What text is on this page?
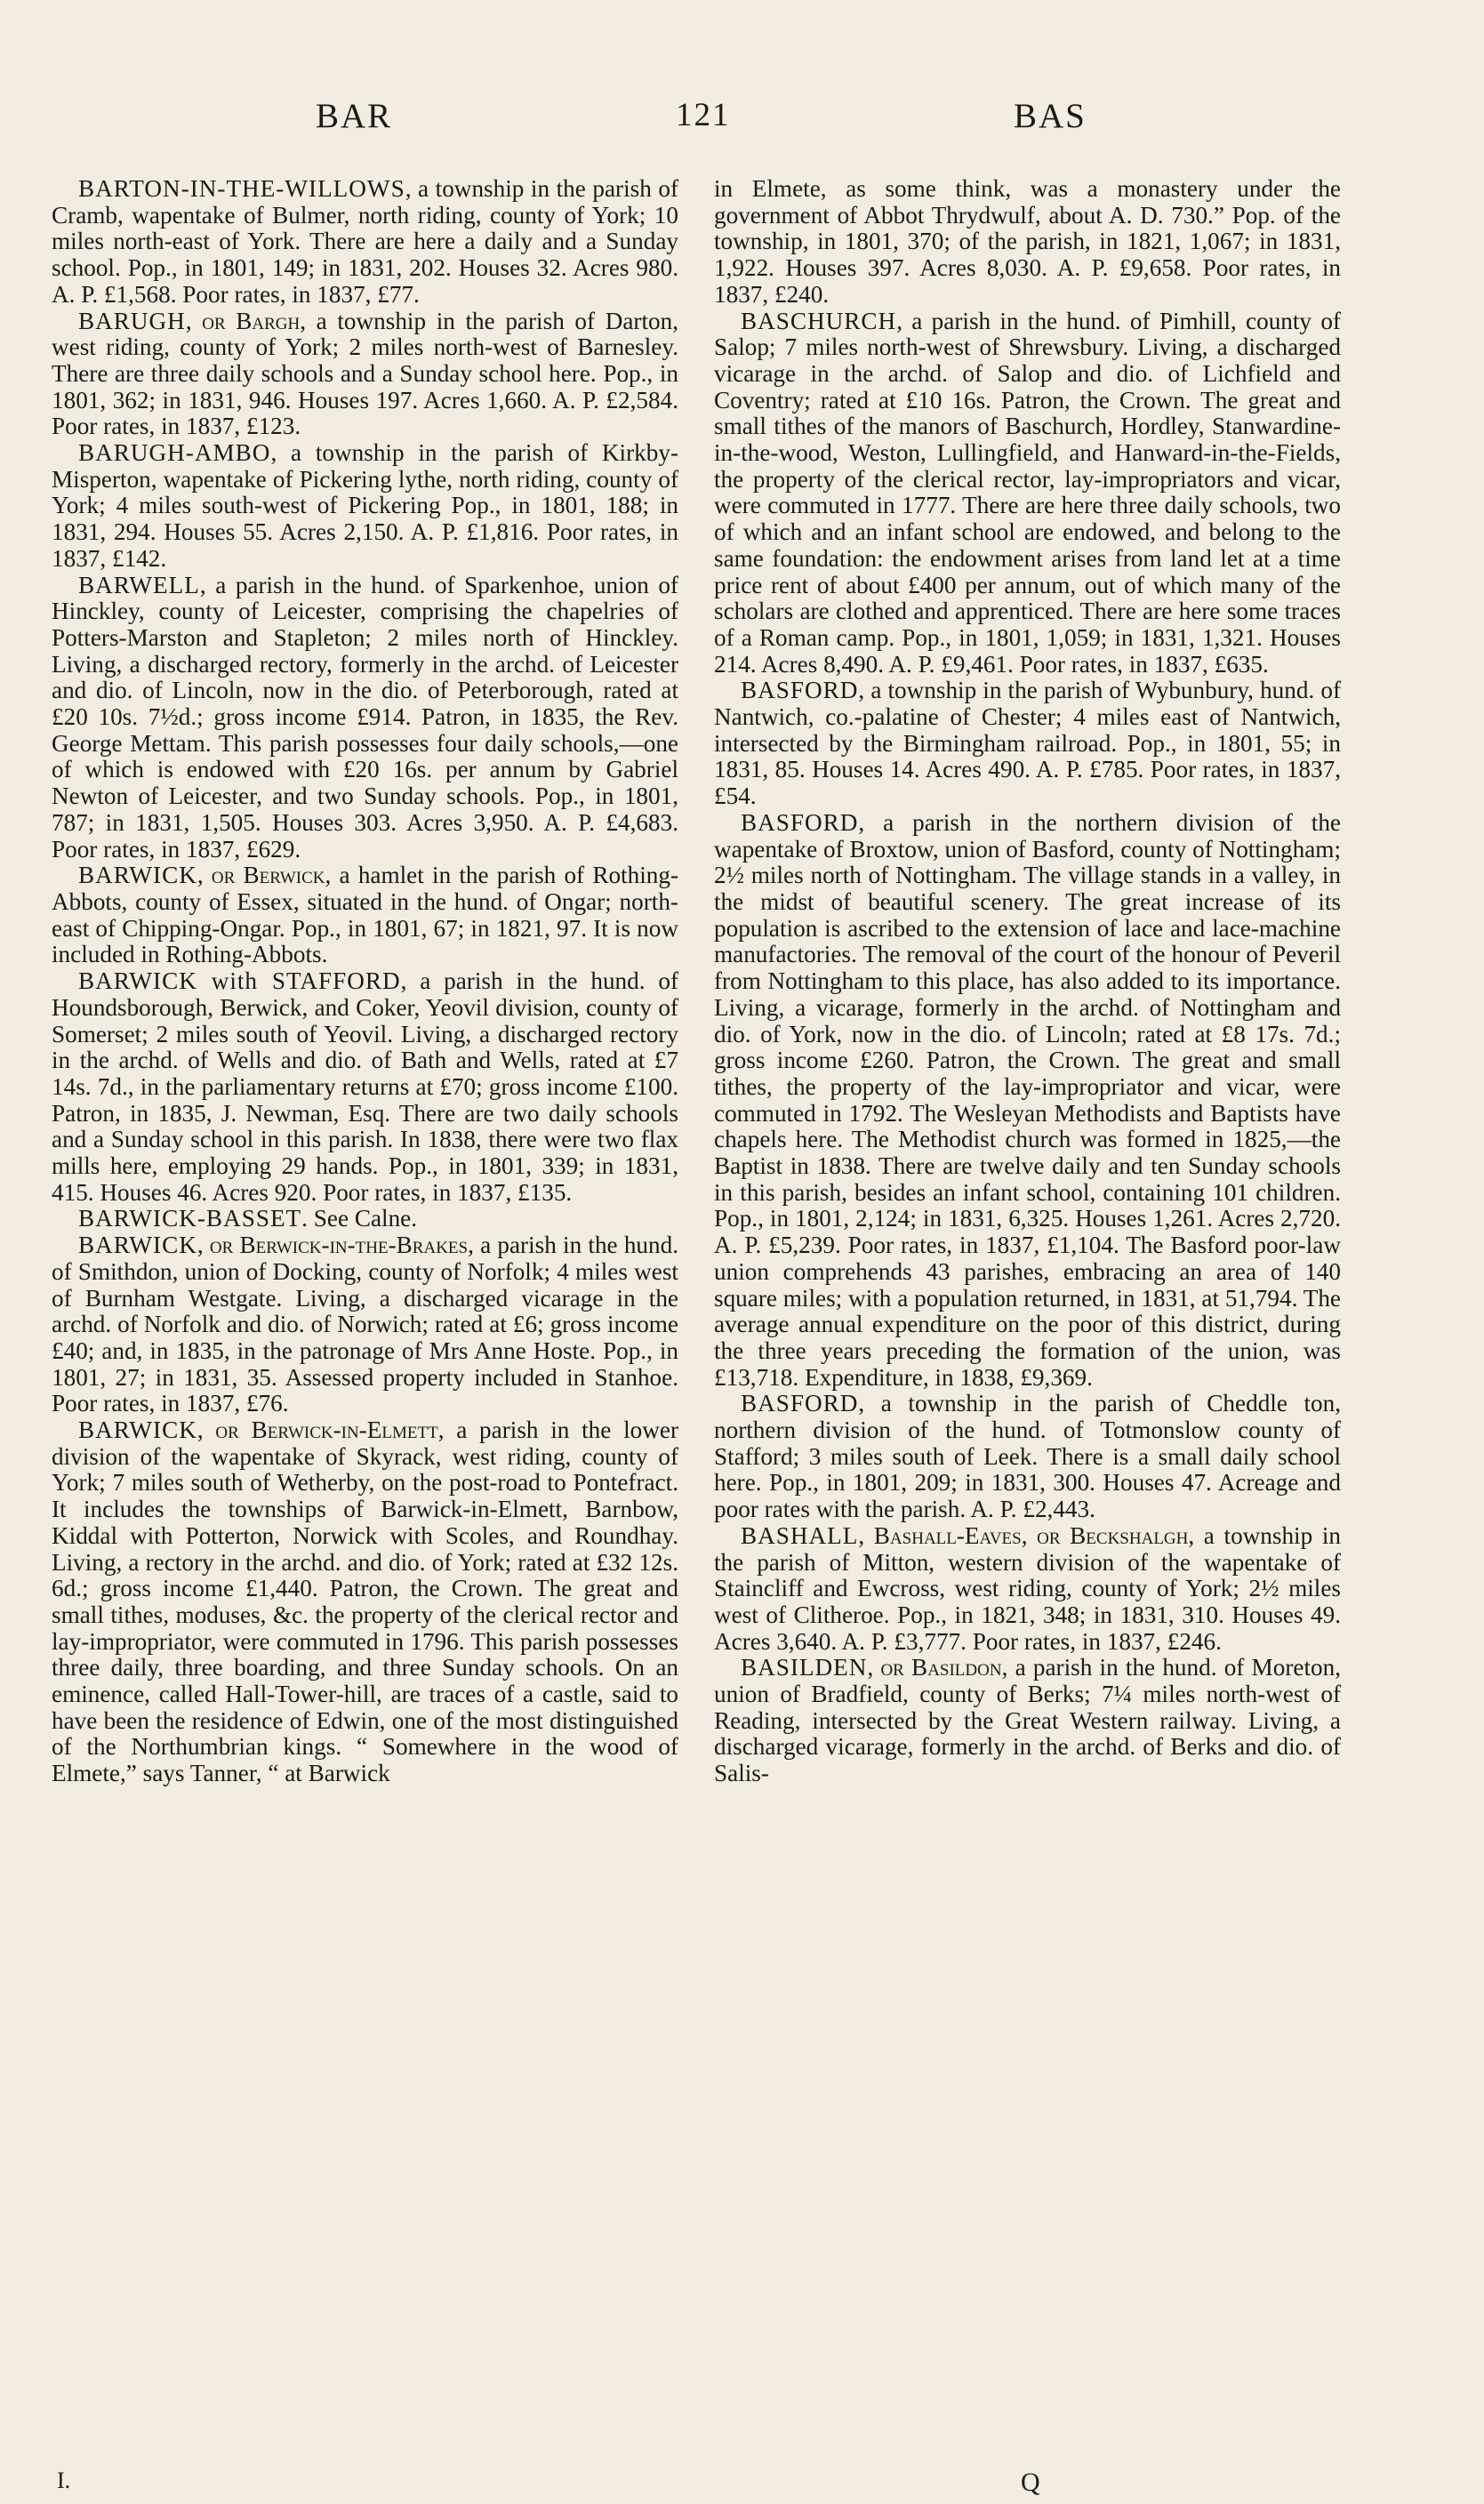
BAR	121	BAS

BARTON-IN-THE-WILLOWS, a township in the parish of Cramb, wapentake of Bulmer, north riding, county of York; 10 miles north-east of York. There are here a daily and a Sunday school. Pop., in 1801, 149; in 1831, 202. Houses 32. Acres 980. A. P. £1,568. Poor rates, in 1837, £77.

BARUGH, or Bargh, a township in the parish of Darton, west riding, county of York; 2 miles north-west of Barnesley. There are three daily schools and a Sunday school here. Pop., in 1801, 362; in 1831, 946. Houses 197. Acres 1,660. A. P. £2,584. Poor rates, in 1837, £123.

BARUGH-AMBO, a township in the parish of Kirkby-Misperton, wapentake of Pickering lythe, north riding, county of York; 4 miles south-west of Pickering Pop., in 1801, 188; in 1831, 294. Houses 55. Acres 2,150. A. P. £1,816. Poor rates, in 1837, £142.

BARWELL, a parish in the hund. of Sparkenhoe, union of Hinckley, county of Leicester, comprising the chapelries of Potters-Marston and Stapleton; 2 miles north of Hinckley. Living, a discharged rectory, formerly in the archd. of Leicester and dio. of Lincoln, now in the dio. of Peterborough, rated at £20 10s. 7½d.; gross income £914. Patron, in 1835, the Rev. George Mettam. This parish possesses four daily schools,—one of which is endowed with £20 16s. per annum by Gabriel Newton of Leicester, and two Sunday schools. Pop., in 1801, 787; in 1831, 1,505. Houses 303. Acres 3,950. A. P. £4,683. Poor rates, in 1837, £629.

BARWICK, or Berwick, a hamlet in the parish of Rothing-Abbots, county of Essex, situated in the hund. of Ongar; north-east of Chipping-Ongar. Pop., in 1801, 67; in 1821, 97. It is now included in Rothing-Abbots.

BARWICK with STAFFORD, a parish in the hund. of Houndsborough, Berwick, and Coker, Yeovil division, county of Somerset; 2 miles south of Yeovil. Living, a discharged rectory in the archd. of Wells and dio. of Bath and Wells, rated at £7 14s. 7d., in the parliamentary returns at £70; gross income £100. Patron, in 1835, J. Newman, Esq. There are two daily schools and a Sunday school in this parish. In 1838, there were two flax mills here, employing 29 hands. Pop., in 1801, 339; in 1831, 415. Houses 46. Acres 920. Poor rates, in 1837, £135.

BARWICK-BASSET. See Calne.

BARWICK, or Berwick-in-the-Brakes, a parish in the hund. of Smithdon, union of Docking, county of Norfolk; 4 miles west of Burnham Westgate. Living, a discharged vicarage in the archd. of Norfolk and dio. of Norwich; rated at £6; gross income £40; and, in 1835, in the patronage of Mrs Anne Hoste. Pop., in 1801, 27; in 1831, 35. Assessed property included in Stanhoe. Poor rates, in 1837, £76.

BARWICK, or Berwick-in-Elmett, a parish in the lower division of the wapentake of Skyrack, west riding, county of York; 7 miles south of Wetherby, on the post-road to Pontefract. It includes the townships of Barwick-in-Elmett, Barnbow, Kiddal with Potterton, Norwick with Scoles, and Roundhay. Living, a rectory in the archd. and dio. of York; rated at £32 12s. 6d.; gross income £1,440. Patron, the Crown. The great and small tithes, moduses, &c. the property of the clerical rector and lay-impropriator, were commuted in 1796. This parish possesses three daily, three boarding, and three Sunday schools. On an eminence, called Hall-Tower-hill, are traces of a castle, said to have been the residence of Edwin, one of the most distinguished of the Northumbrian kings. “ Somewhere in the wood of Elmete,” says Tanner, “ at Barwick

in Elmete, as some think, was a monastery under the government of Abbot Thrydwulf, about A. D. 730.” Pop. of the township, in 1801, 370; of the parish, in 1821, 1,067; in 1831, 1,922. Houses 397. Acres 8,030. A. P. £9,658. Poor rates, in 1837, £240.

BASCHURCH, a parish in the hund. of Pimhill, county of Salop; 7 miles north-west of Shrewsbury. Living, a discharged vicarage in the archd. of Salop and dio. of Lichfield and Coventry; rated at £10 16s. Patron, the Crown. The great and small tithes of the manors of Baschurch, Hordley, Stanwardine-in-the-wood, Weston, Lullingfield, and Hanward-in-the-Fields, the property of the clerical rector, lay-impropriators and vicar, were commuted in 1777. There are here three daily schools, two of which and an infant school are endowed, and belong to the same foundation: the endowment arises from land let at a time price rent of about £400 per annum, out of which many of the scholars are clothed and apprenticed. There are here some traces of a Roman camp. Pop., in 1801, 1,059; in 1831, 1,321. Houses 214. Acres 8,490. A. P. £9,461. Poor rates, in 1837, £635.

BASFORD, a township in the parish of Wybunbury, hund. of Nantwich, co.-palatine of Chester; 4 miles east of Nantwich, intersected by the Birmingham railroad. Pop., in 1801, 55; in 1831, 85. Houses 14. Acres 490. A. P. £785. Poor rates, in 1837, £54.

BASFORD, a parish in the northern division of the wapentake of Broxtow, union of Basford, county of Nottingham; 2½ miles north of Nottingham. The village stands in a valley, in the midst of beautiful scenery. The great increase of its population is ascribed to the extension of lace and lace-machine manufactories. The removal of the court of the honour of Peveril from Nottingham to this place, has also added to its importance. Living, a vicarage, formerly in the archd. of Nottingham and dio. of York, now in the dio. of Lincoln; rated at £8 17s. 7d.; gross income £260. Patron, the Crown. The great and small tithes, the property of the lay-impropriator and vicar, were commuted in 1792. The Wesleyan Methodists and Baptists have chapels here. The Methodist church was formed in 1825,—the Baptist in 1838. There are twelve daily and ten Sunday schools in this parish, besides an infant school, containing 101 children. Pop., in 1801, 2,124; in 1831, 6,325. Houses 1,261. Acres 2,720. A. P. £5,239. Poor rates, in 1837, £1,104. The Basford poor-law union comprehends 43 parishes, embracing an area of 140 square miles; with a population returned, in 1831, at 51,794. The average annual expenditure on the poor of this district, during the three years preceding the formation of the union, was £13,718. Expenditure, in 1838, £9,369.

BASFORD, a township in the parish of Cheddle ton, northern division of the hund. of Totmonslow county of Stafford; 3 miles south of Leek. There is a small daily school here. Pop., in 1801, 209; in 1831, 300. Houses 47. Acreage and poor rates with the parish. A. P. £2,443.

BASHALL, Bashall-Eaves, or Beckshalgh, a township in the parish of Mitton, western division of the wapentake of Staincliff and Ewcross, west riding, county of York; 2½ miles west of Clitheroe. Pop., in 1821, 348; in 1831, 310. Houses 49. Acres 3,640. A. P. £3,777. Poor rates, in 1837, £246.

BASILDEN, or Basildon, a parish in the hund. of Moreton, union of Bradfield, county of Berks; 7¼ miles north-west of Reading, intersected by the Great Western railway. Living, a discharged vicarage, formerly in the archd. of Berks and dio. of Salis-

I.	Q
